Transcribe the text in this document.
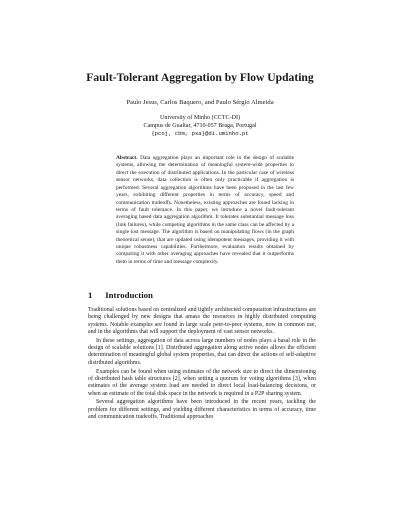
Fault-Tolerant Aggregation by Flow Updating
Paulo Jesus, Carlos Baquero, and Paulo Sérgio Almeida
University of Minho (CCTC-DI)
Campus de Gualtar, 4710-057 Braga, Portugal
{pcoj, cbm, psa}@di.uminho.pt
Abstract. Data aggregation plays an important role in the design of scalable systems, allowing the determination of meaningful system-wide properties to direct the execution of distributed applications. In the particular case of wireless sensor networks, data collection is often only practicable if aggregation is performed. Several aggregation algorithms have been proposed in the last few years, exhibiting different properties in terms of accuracy, speed and communication tradeoffs. Nonetheless, existing approaches are found lacking in terms of fault tolerance. In this paper, we introduce a novel fault-tolerant averaging based data aggregation algorithm. It tolerates substantial message loss (link failures), while competing algorithms in the same class can be affected by a single lost message. The algorithm is based on manipulating flows (in the graph theoretical sense), that are updated using idempotent messages, providing it with unique robustness capabilities. Furthermore, evaluation results obtained by comparing it with other averaging approaches have revealed that it outperforms them in terms of time and message complexity.
1 Introduction

Traditional solutions based on centralized and tightly architected computation infrastructures are being challenged by new designs that amass the resources in highly distributed computing systems. Notable examples are found in large scale peer-to-peer systems, now in common use, and in the algorithms that will support the deployment of vast sensor networks.

In these settings, aggregation of data across large numbers of nodes plays a basal role in the design of scalable solutions [1]. Distributed aggregation along active nodes allows the efficient determination of meaningful global system properties, that can direct the actions of self-adaptive distributed algorithms.

Examples can be found when using estimates of the network size to direct the dimensioning of distributed hash table structures [2], when setting a quorum for voting algorithms [3], when estimates of the average system load are needed to direct local load-balancing decisions, or when an estimate of the total disk space in the network is required in a P2P sharing system.

Several aggregation algorithms have been introduced in the recent years, tackling the problem for different settings, and yielding different characteristics in terms of accuracy, time and communication tradeoffs. Traditional approaches
